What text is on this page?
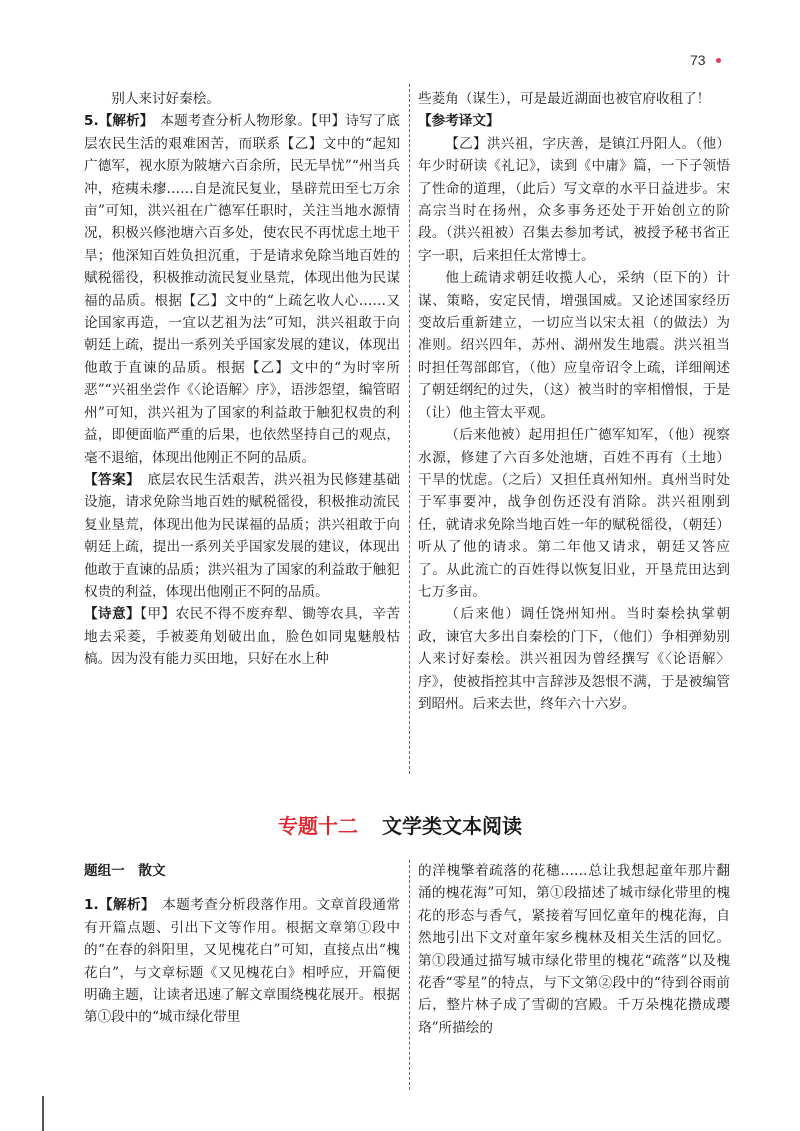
73

别人来讨好秦桧。

5.【解析】  本题考查分析人物形象。【甲】诗写了底层农民生活的艰难困苦，而联系【乙】文中的“起知广德军，视水原为陂塘六百余所，民无旱忧”“州当兵冲，疮痍未瘳……自是流民复业，垦辟荒田至七万余亩”可知，洪兴祖在广德军任职时，关注当地水源情况，积极兴修池塘六百多处，使农民不再忧虑土地干旱；他深知百姓负担沉重，于是请求免除当地百姓的赋税徭役，积极推动流民复业垦荒，体现出他为民谋福的品质。根据【乙】文中的“上疏乞收人心……又论国家再造，一宜以艺祖为法”可知，洪兴祖敢于向朝廷上疏，提出一系列关乎国家发展的建议，体现出他敢于直谏的品质。根据【乙】文中的“为时宰所恶”“兴祖坐尝作《〈论语解〉序》，语涉怨望，编管昭州”可知，洪兴祖为了国家的利益敢于触犯权贵的利益，即便面临严重的后果，也依然坚持自己的观点，毫不退缩，体现出他刚正不阿的品质。

【答案】  底层农民生活艰苦，洪兴祖为民修建基础设施，请求免除当地百姓的赋税徭役，积极推动流民复业垦荒，体现出他为民谋福的品质；洪兴祖敢于向朝廷上疏，提出一系列关乎国家发展的建议，体现出他敢于直谏的品质；洪兴祖为了国家的利益敢于触犯权贵的利益，体现出他刚正不阿的品质。

【诗意】【甲】农民不得不废弃犁、锄等农具，辛苦地去采菱，手被菱角划破出血，脸色如同鬼魅般枯槁。因为没有能力买田地，只好在水上种

些菱角（谋生），可是最近湖面也被官府收租了！

【参考译文】

【乙】洪兴祖，字庆善，是镇江丹阳人。（他）年少时研读《礼记》，读到《中庸》篇，一下子领悟了性命的道理，（此后）写文章的水平日益进步。宋高宗当时在扬州，众多事务还处于开始创立的阶段。（洪兴祖被）召集去参加考试，被授予秘书省正字一职，后来担任太常博士。

他上疏请求朝廷收揽人心，采纳（臣下的）计谋、策略，安定民情，增强国威。又论述国家经历变故后重新建立，一切应当以宋太祖（的做法）为准则。绍兴四年，苏州、湖州发生地震。洪兴祖当时担任驾部郎官，（他）应皇帝诏令上疏，详细阐述了朝廷纲纪的过失，（这）被当时的宰相憎恨，于是（让）他主管太平观。

（后来他被）起用担任广德军知军，（他）视察水源，修建了六百多处池塘，百姓不再有（土地）干旱的忧虑。（之后）又担任真州知州。真州当时处于军事要冲，战争创伤还没有消除。洪兴祖刚到任，就请求免除当地百姓一年的赋税徭役，（朝廷）听从了他的请求。第二年他又请求，朝廷又答应了。从此流亡的百姓得以恢复旧业，开垦荒田达到七万多亩。

（后来他）调任饶州知州。当时秦桧执掌朝政，谏官大多出自秦桧的门下，（他们）争相弹劾别人来讨好秦桧。洪兴祖因为曾经撰写《〈论语解〉序》，使被指控其中言辞涉及怨恨不满，于是被编管到昭州。后来去世，终年六十六岁。

专题十二 文学类文本阅读

题组一　散文

1.【解析】  本题考查分析段落作用。文章首段通常有开篇点题、引出下文等作用。根据文章第①段中的“在春的斜阳里，又见槐花白”可知，直接点出“槐花白”，与文章标题《又见槐花白》相呼应，开篇便明确主题，让读者迅速了解文章围绕槐花展开。根据第①段中的“城市绿化带里

的洋槐擎着疏落的花穗……总让我想起童年那片翻涌的槐花海”可知，第①段描述了城市绿化带里的槐花的形态与香气，紧接着写回忆童年的槐花海，自然地引出下文对童年家乡槐林及相关生活的回忆。第①段通过描写城市绿化带里的槐花“疏落”以及槐花香“零星”的特点，与下文第②段中的“待到谷雨前后，整片林子成了雪砌的宫殿。千万朵槐花攒成璎珞”所描绘的
